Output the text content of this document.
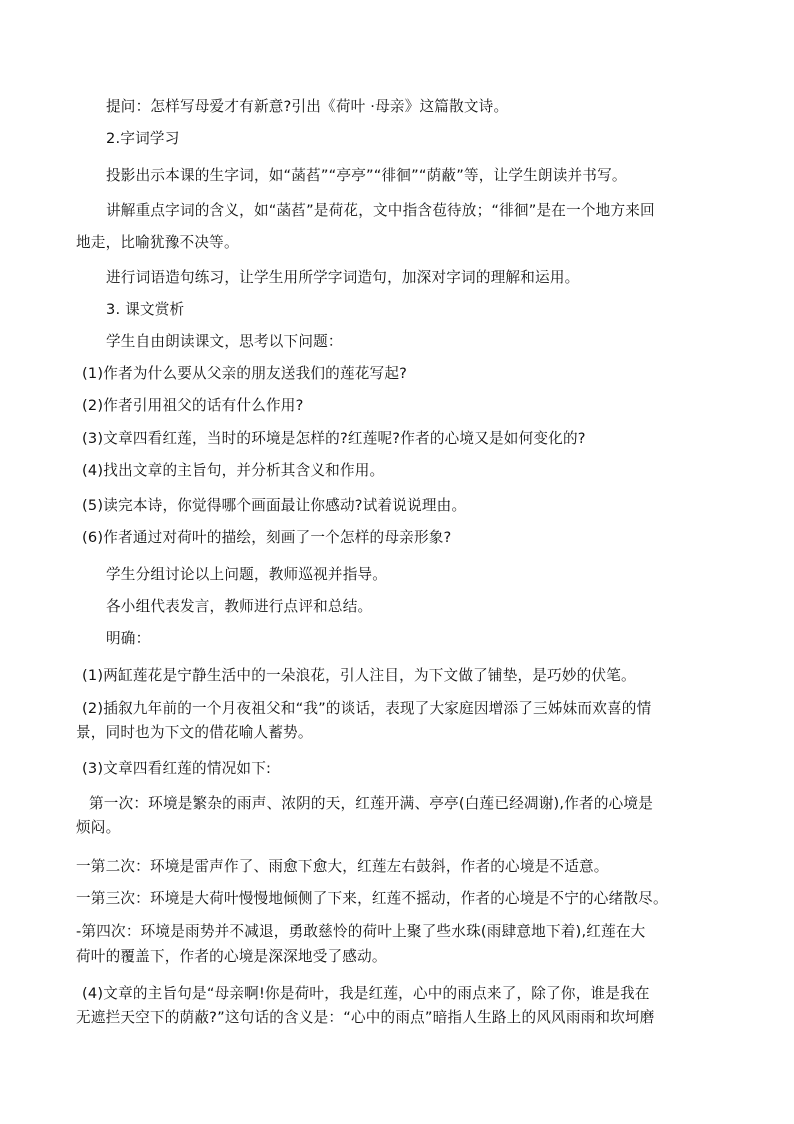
提问：怎样写母爱才有新意?引出《荷叶 ·母亲》这篇散文诗。
2.字词学习
投影出示本课的生字词，如“菡萏”“亭亭”“徘徊”“荫蔽”等，让学生朗读并书写。
讲解重点字词的含义，如“菡萏”是荷花，文中指含苞待放；“徘徊”是在一个地方来回
地走，比喻犹豫不决等。
进行词语造句练习，让学生用所学字词造句，加深对字词的理解和运用。
3. 课文赏析
学生自由朗读课文，思考以下问题：
(1)作者为什么要从父亲的朋友送我们的莲花写起?
(2)作者引用祖父的话有什么作用?
(3)文章四看红莲，当时的环境是怎样的?红莲呢?作者的心境又是如何变化的?
(4)找出文章的主旨句，并分析其含义和作用。
(5)读完本诗，你觉得哪个画面最让你感动?试着说说理由。
(6)作者通过对荷叶的描绘，刻画了一个怎样的母亲形象?
学生分组讨论以上问题，教师巡视并指导。
各小组代表发言，教师进行点评和总结。
明确：
(1)两缸莲花是宁静生活中的一朵浪花，引人注目，为下文做了铺垫，是巧妙的伏笔。
(2)插叙九年前的一个月夜祖父和“我”的谈话，表现了大家庭因增添了三姊妹而欢喜的情
景，同时也为下文的借花喻人蓄势。
(3)文章四看红莲的情况如下:
第一次：环境是繁杂的雨声、浓阴的天，红莲开满、亭亭(白莲已经凋谢),作者的心境是
烦闷。
一第二次：环境是雷声作了、雨愈下愈大，红莲左右鼓斜，作者的心境是不适意。
一第三次：环境是大荷叶慢慢地倾侧了下来，红莲不摇动，作者的心境是不宁的心绪散尽。
-第四次：环境是雨势并不减退，勇敢慈怜的荷叶上聚了些水珠(雨肆意地下着),红莲在大
荷叶的覆盖下，作者的心境是深深地受了感动。
(4)文章的主旨句是“母亲啊!你是荷叶，我是红莲，心中的雨点来了，除了你，谁是我在
无遮拦天空下的荫蔽?”这句话的含义是：“心中的雨点”暗指人生路上的风风雨雨和坎坷磨
